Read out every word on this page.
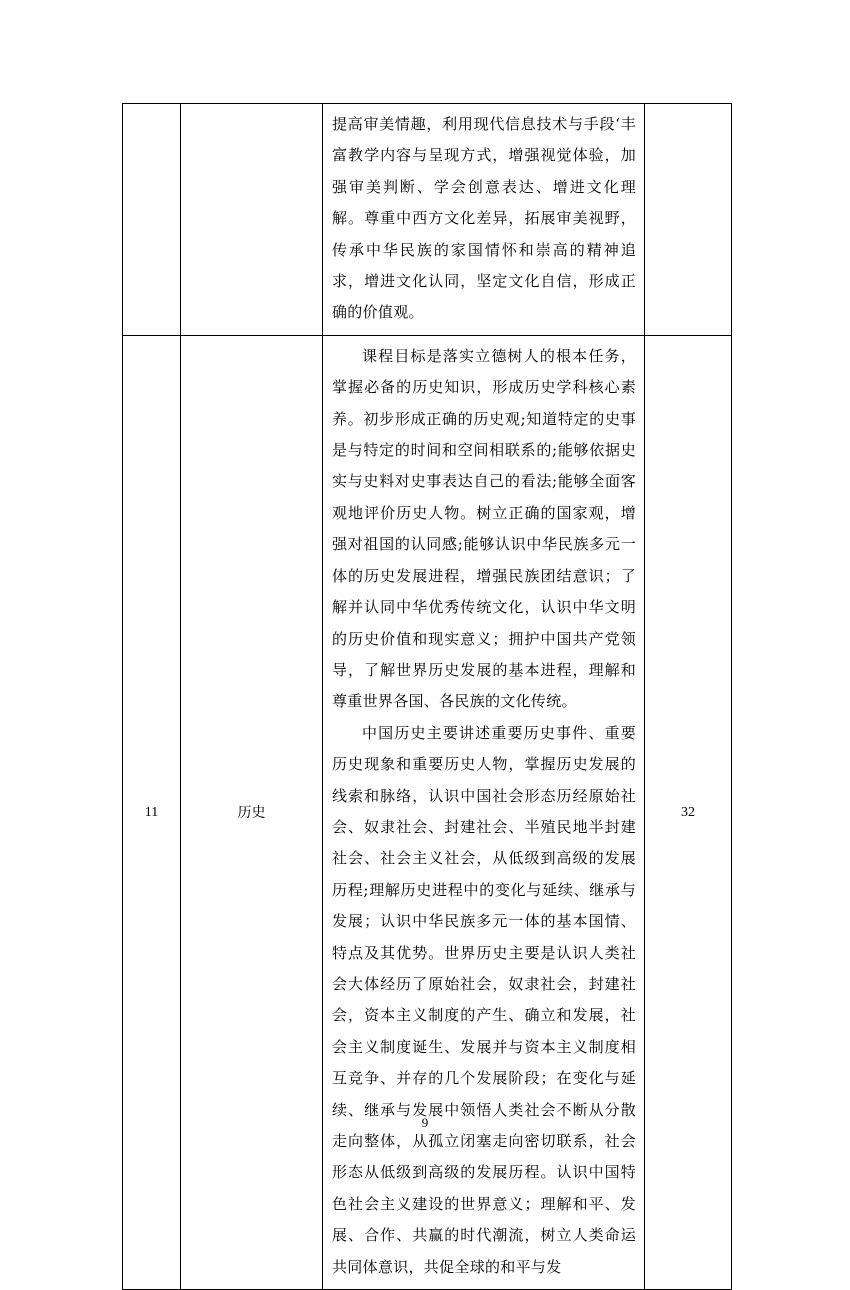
		提高审美情趣，利用现代信息技术与手段‘丰富教学内容与呈现方式，增强视觉体验，加强审美判断、学会创意表达、增进文化理解。尊重中西方文化差异，拓展审美视野，传承中华民族的家国情怀和崇高的精神追求，增进文化认同，坚定文化自信，形成正确的价值观。	

11	历史	课程目标是落实立德树人的根本任务，掌握必备的历史知识，形成历史学科核心素养。初步形成正确的历史观;知道特定的史事是与特定的时间和空间相联系的;能够依据史实与史料对史事表达自己的看法;能够全面客观地评价历史人物。树立正确的国家观，增强对祖国的认同感;能够认识中华民族多元一体的历史发展进程，增强民族团结意识；了解并认同中华优秀传统文化，认识中华文明的历史价值和现实意义；拥护中国共产党领导，了解世界历史发展的基本进程，理解和尊重世界各国、各民族的文化传统。

中国历史主要讲述重要历史事件、重要历史现象和重要历史人物，掌握历史发展的线索和脉络，认识中国社会形态历经原始社会、奴隶社会、封建社会、半殖民地半封建社会、社会主义社会，从低级到高级的发展历程;理解历史进程中的变化与延续、继承与发展；认识中华民族多元一体的基本国情、特点及其优势。世界历史主要是认识人类社会大体经历了原始社会，奴隶社会，封建社会，资本主义制度的产生、确立和发展，社会主义制度诞生、发展并与资本主义制度相互竞争、并存的几个发展阶段；在变化与延续、继承与发展中领悟人类社会不断从分散走向整体，从孤立闭塞走向密切联系，社会形态从低级到高级的发展历程。认识中国特色社会主义建设的世界意义；理解和平、发展、合作、共赢的时代潮流，树立人类命运共同体意识，共促全球的和平与发	32
9
